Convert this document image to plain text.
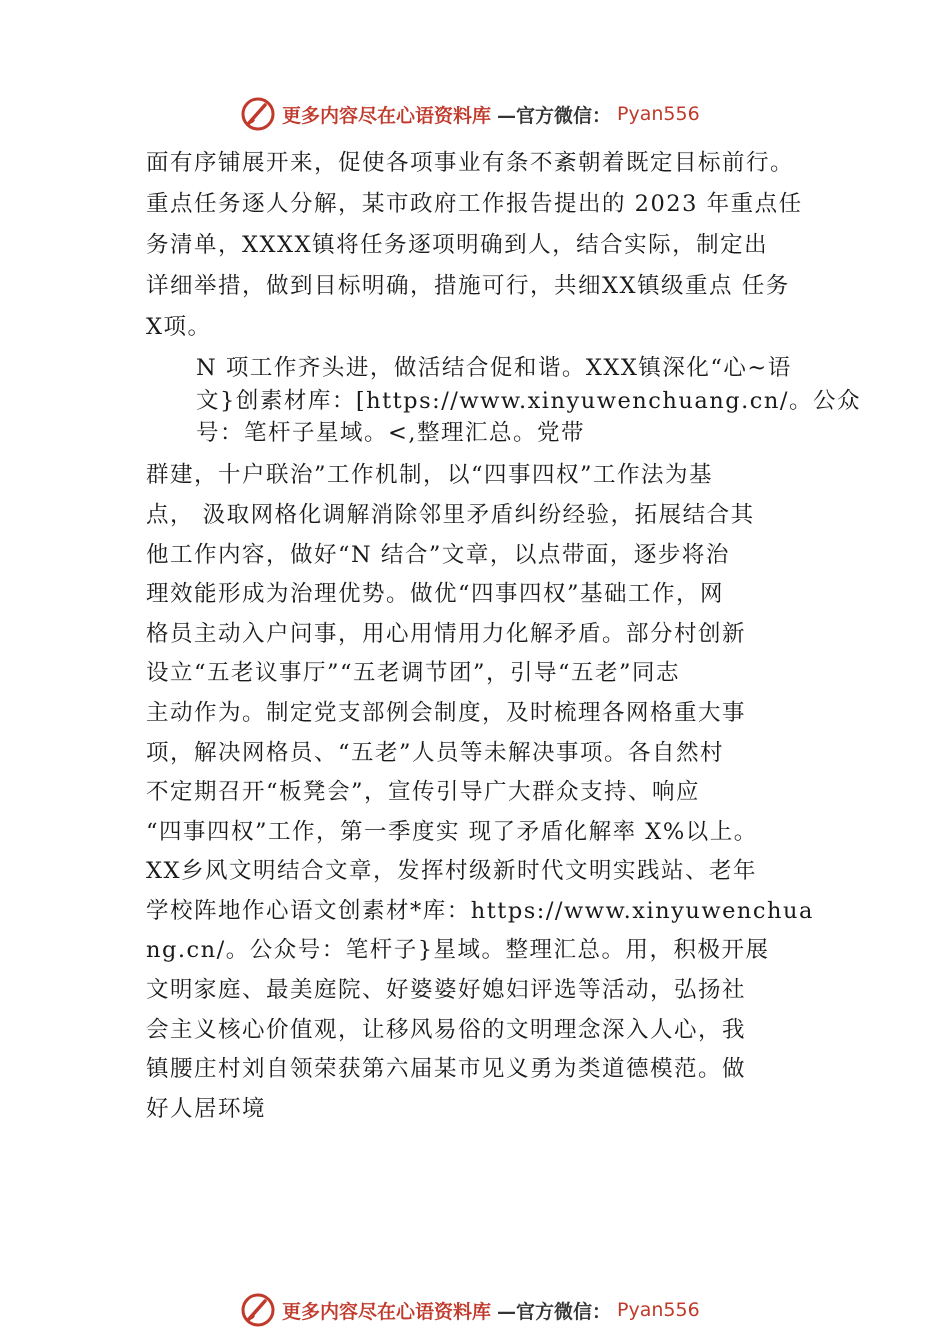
更多内容尽在心语资料库 —官方微信： Pyan556

面有序铺展开来，促使各项事业有条不紊朝着既定目标前行。

重点任务逐人分解，某市政府工作报告提出的 2023 年重点任

务清单，XXXX镇将任务逐项明确到人，结合实际，制定出

详细举措，做到目标明确，措施可行，共细XX镇级重点 任务

X项。

N 项工作齐头进，做活结合促和谐。XXX镇深化“心~语

文}创素材库：[https://www.xinyuwenchuang.cn/。公众

号：笔杆子星域。<,整理汇总。党带

群建，十户联治”工作机制，以“四事四权”工作法为基

点， 汲取网格化调解消除邻里矛盾纠纷经验，拓展结合其

他工作内容，做好“N 结合”文章，以点带面，逐步将治

理效能形成为治理优势。做优“四事四权”基础工作，网

格员主动入户问事，用心用情用力化解矛盾。部分村创新

设立“五老议事厅”“五老调节团”，引导“五老”同志

主动作为。制定党支部例会制度，及时梳理各网格重大事

项，解决网格员、“五老”人员等未解决事项。各自然村

不定期召开“板凳会”，宣传引导广大群众支持、响应

“四事四权”工作，第一季度实 现了矛盾化解率 X%以上。

XX乡风文明结合文章，发挥村级新时代文明实践站、老年

学校阵地作心语文创素材*库：https://www.xinyuwenchua

ng.cn/。公众号：笔杆子}星域。整理汇总。用，积极开展

文明家庭、最美庭院、好婆婆好媳妇评选等活动，弘扬社

会主义核心价值观，让移风易俗的文明理念深入人心，我

镇腰庄村刘自领荣获第六届某市见义勇为类道德模范。做

好人居环境

更多内容尽在心语资料库 —官方微信： Pyan556
